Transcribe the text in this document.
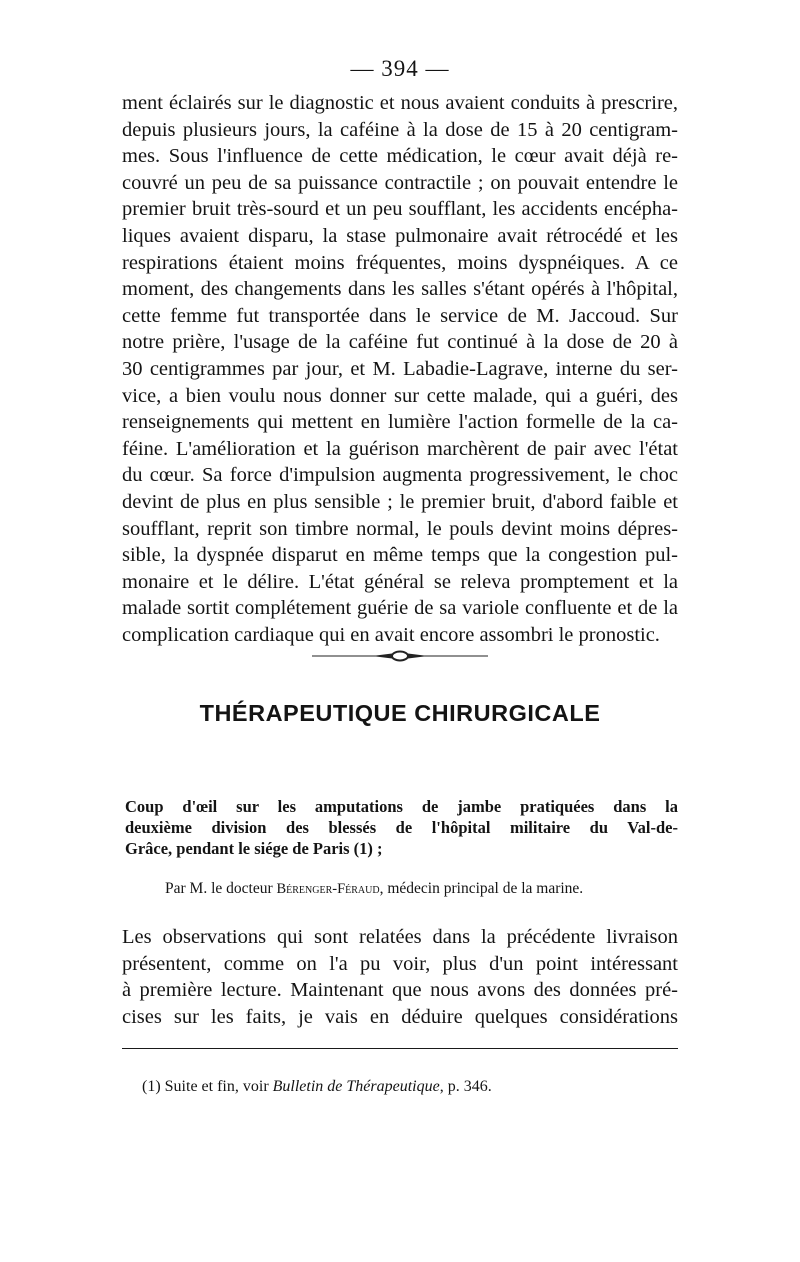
— 394 —
ment éclairés sur le diagnostic et nous avaient conduits à prescrire,
depuis plusieurs jours, la caféine à la dose de 15 à 20 centigram-
mes. Sous l'influence de cette médication, le cœur avait déjà re-
couvré un peu de sa puissance contractile ; on pouvait entendre le
premier bruit très-sourd et un peu soufflant, les accidents encépha-
liques avaient disparu, la stase pulmonaire avait rétrocédé et les
respirations étaient moins fréquentes, moins dyspnéiques. A ce
moment, des changements dans les salles s'étant opérés à l'hôpital,
cette femme fut transportée dans le service de M. Jaccoud. Sur
notre prière, l'usage de la caféine fut continué à la dose de 20 à
30 centigrammes par jour, et M. Labadie-Lagrave, interne du ser-
vice, a bien voulu nous donner sur cette malade, qui a guéri, des
renseignements qui mettent en lumière l'action formelle de la ca-
féine. L'amélioration et la guérison marchèrent de pair avec l'état
du cœur. Sa force d'impulsion augmenta progressivement, le choc
devint de plus en plus sensible ; le premier bruit, d'abord faible et
soufflant, reprit son timbre normal, le pouls devint moins dépres-
sible, la dyspnée disparut en même temps que la congestion pul-
monaire et le délire. L'état général se releva promptement et la
malade sortit complétement guérie de sa variole confluente et de la
complication cardiaque qui en avait encore assombri le pronostic.
THÉRAPEUTIQUE CHIRURGICALE
Coup d'œil sur les amputations de jambe pratiquées dans la
deuxième division des blessés de l'hôpital militaire du Val-de-
Grâce, pendant le siége de Paris (1) ;
Par M. le docteur Bérenger-Féraud, médecin principal de la marine.
Les observations qui sont relatées dans la précédente livraison
présentent, comme on l'a pu voir, plus d'un point intéressant
à première lecture. Maintenant que nous avons des données pré-
cises sur les faits, je vais en déduire quelques considérations
(1) Suite et fin, voir Bulletin de Thérapeutique, p. 346.
